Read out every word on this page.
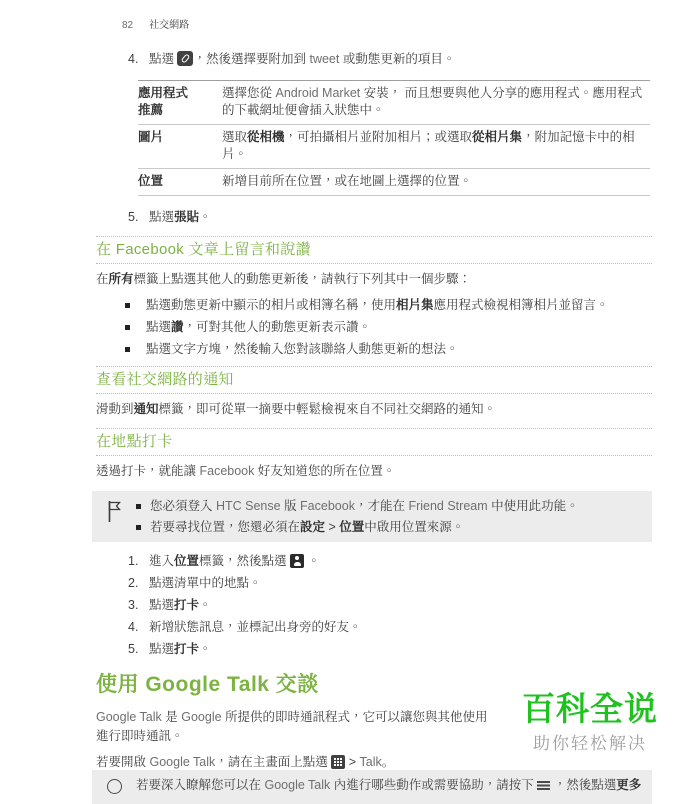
82 社交網路
4. 點選 ，然後選擇要附加到 tweet 或動態更新的項目。
應用程式推薦	選擇您從 Android Market 安裝， 而且想要與他人分享的應用程式。應用程式的下載網址便會插入狀態中。
圖片	選取從相機，可拍攝相片並附加相片；或選取從相片集，附加記憶卡中的相片。
位置	新增目前所在位置，或在地圖上選擇的位置。
5. 點選張貼。
在 Facebook 文章上留言和說讚

在所有標籤上點選其他人的動態更新後，請執行下列其中一個步驟：

點選動態更新中顯示的相片或相簿名稱，使用相片集應用程式檢視相簿相片並留言。
點選讚，可對其他人的動態更新表示讚。
點選文字方塊，然後輸入您對該聯絡人動態更新的想法。
查看社交網路的通知

滑動到通知標籤，即可從單一摘要中輕鬆檢視來自不同社交網路的通知。

在地點打卡

透過打卡，就能讓 Facebook 好友知道您的所在位置。

您必須登入 HTC Sense 版 Facebook，才能在 Friend Stream 中使用此功能。
若要尋找位置，您還必須在設定 > 位置中啟用位置來源。
1. 進入位置標籤，然後點選  。
2. 點選清單中的地點。
3. 點選打卡。
4. 新增狀態訊息，並標記出身旁的好友。
5. 點選打卡。
使用 Google Talk 交談

Google Talk 是 Google 所提供的即時通訊程式，它可以讓您與其他使用

進行即時通訊。

若要開啟 Google Talk，請在主畫面上點選  > Talk。

若要深入瞭解您可以在 Google Talk 內進行哪些動作或需要協助，請按下  ，然後點選更多
百科全说
助你轻松解决
